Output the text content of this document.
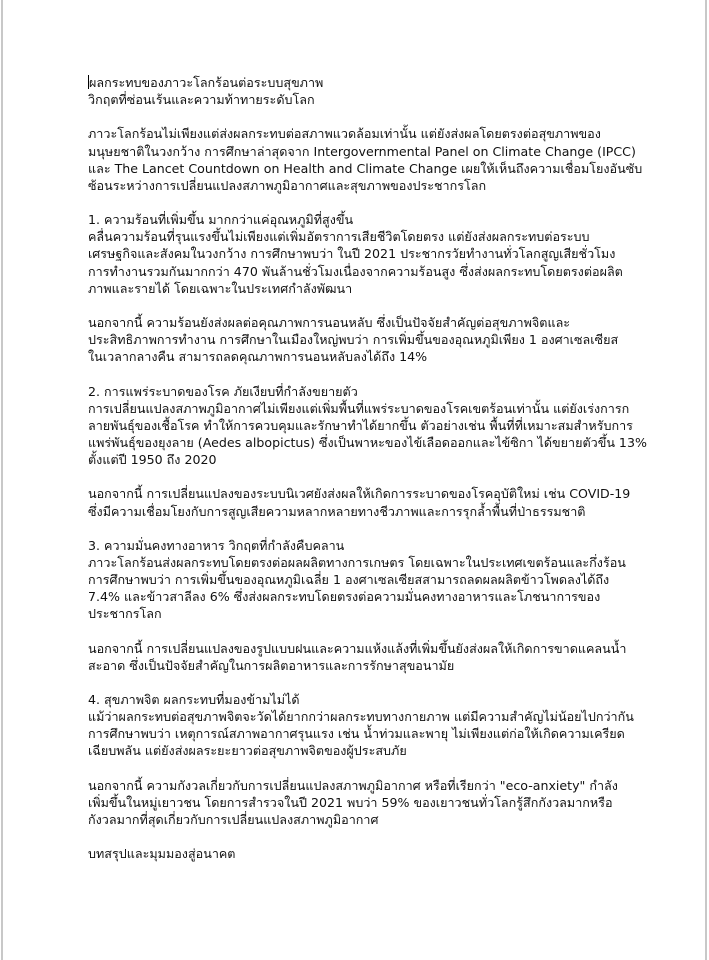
ผลกระทบของภาวะโลกร้อนต่อระบบสุขภาพ
วิกฤตที่ซ่อนเร้นและความท้าทายระดับโลก
ภาวะโลกร้อนไม่เพียงแต่ส่งผลกระทบต่อสภาพแวดล้อมเท่านั้น แต่ยังส่งผลโดยตรงต่อสุขภาพของ
มนุษยชาติในวงกว้าง การศึกษาล่าสุดจาก Intergovernmental Panel on Climate Change (IPCC)
และ The Lancet Countdown on Health and Climate Change เผยให้เห็นถึงความเชื่อมโยงอันซับ
ซ้อนระหว่างการเปลี่ยนแปลงสภาพภูมิอากาศและสุขภาพของประชากรโลก
1. ความร้อนที่เพิ่มขึ้น มากกว่าแค่อุณหภูมิที่สูงขึ้น
คลื่นความร้อนที่รุนแรงขึ้นไม่เพียงแต่เพิ่มอัตราการเสียชีวิตโดยตรง แต่ยังส่งผลกระทบต่อระบบ
เศรษฐกิจและสังคมในวงกว้าง การศึกษาพบว่า ในปี 2021 ประชากรวัยทำงานทั่วโลกสูญเสียชั่วโมง
การทำงานรวมกันมากกว่า 470 พันล้านชั่วโมงเนื่องจากความร้อนสูง ซึ่งส่งผลกระทบโดยตรงต่อผลิต
ภาพและรายได้ โดยเฉพาะในประเทศกำลังพัฒนา
นอกจากนี้ ความร้อนยังส่งผลต่อคุณภาพการนอนหลับ ซึ่งเป็นปัจจัยสำคัญต่อสุขภาพจิตและ
ประสิทธิภาพการทำงาน การศึกษาในเมืองใหญ่พบว่า การเพิ่มขึ้นของอุณหภูมิเพียง 1 องศาเซลเซียส
ในเวลากลางคืน สามารถลดคุณภาพการนอนหลับลงได้ถึง 14%
2. การแพร่ระบาดของโรค ภัยเงียบที่กำลังขยายตัว
การเปลี่ยนแปลงสภาพภูมิอากาศไม่เพียงแต่เพิ่มพื้นที่แพร่ระบาดของโรคเขตร้อนเท่านั้น แต่ยังเร่งการก
ลายพันธุ์ของเชื้อโรค ทำให้การควบคุมและรักษาทำได้ยากขึ้น ตัวอย่างเช่น พื้นที่ที่เหมาะสมสำหรับการ
แพร่พันธุ์ของยุงลาย (Aedes albopictus) ซึ่งเป็นพาหะของไข้เลือดออกและไข้ซิกา ได้ขยายตัวขึ้น 13%
ตั้งแต่ปี 1950 ถึง 2020
นอกจากนี้ การเปลี่ยนแปลงของระบบนิเวศยังส่งผลให้เกิดการระบาดของโรคอุบัติใหม่ เช่น COVID-19
ซึ่งมีความเชื่อมโยงกับการสูญเสียความหลากหลายทางชีวภาพและการรุกล้ำพื้นที่ป่าธรรมชาติ
3. ความมั่นคงทางอาหาร วิกฤตที่กำลังคืบคลาน
ภาวะโลกร้อนส่งผลกระทบโดยตรงต่อผลผลิตทางการเกษตร โดยเฉพาะในประเทศเขตร้อนและกึ่งร้อน
การศึกษาพบว่า การเพิ่มขึ้นของอุณหภูมิเฉลี่ย 1 องศาเซลเซียสสามารถลดผลผลิตข้าวโพดลงได้ถึง
7.4% และข้าวสาลีลง 6% ซึ่งส่งผลกระทบโดยตรงต่อความมั่นคงทางอาหารและโภชนาการของ
ประชากรโลก
นอกจากนี้ การเปลี่ยนแปลงของรูปแบบฝนและความแห้งแล้งที่เพิ่มขึ้นยังส่งผลให้เกิดการขาดแคลนน้ำ
สะอาด ซึ่งเป็นปัจจัยสำคัญในการผลิตอาหารและการรักษาสุขอนามัย
4. สุขภาพจิต ผลกระทบที่มองข้ามไม่ได้
แม้ว่าผลกระทบต่อสุขภาพจิตจะวัดได้ยากกว่าผลกระทบทางกายภาพ แต่มีความสำคัญไม่น้อยไปกว่ากัน
การศึกษาพบว่า เหตุการณ์สภาพอากาศรุนแรง เช่น น้ำท่วมและพายุ ไม่เพียงแต่ก่อให้เกิดความเครียด
เฉียบพลัน แต่ยังส่งผลระยะยาวต่อสุขภาพจิตของผู้ประสบภัย
นอกจากนี้ ความกังวลเกี่ยวกับการเปลี่ยนแปลงสภาพภูมิอากาศ หรือที่เรียกว่า "eco-anxiety" กำลัง
เพิ่มขึ้นในหมู่เยาวชน โดยการสำรวจในปี 2021 พบว่า 59% ของเยาวชนทั่วโลกรู้สึกกังวลมากหรือ
กังวลมากที่สุดเกี่ยวกับการเปลี่ยนแปลงสภาพภูมิอากาศ
บทสรุปและมุมมองสู่อนาคต
